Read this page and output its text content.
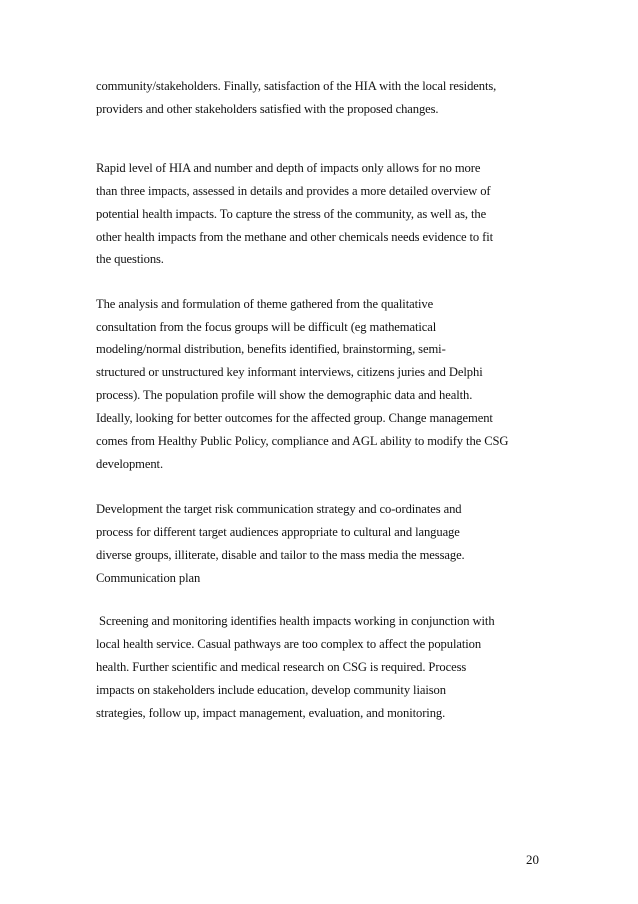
community/stakeholders. Finally, satisfaction of the HIA with the local residents,
providers and other stakeholders satisfied with the proposed changes.
Rapid level of HIA and number and depth of impacts only allows for no more
than three impacts, assessed in details and provides a more detailed overview of
potential health impacts. To capture the stress of the community, as well as, the
other health impacts from the methane and other chemicals needs evidence to fit
the questions.
The analysis and formulation of theme gathered from the qualitative
consultation from the focus groups will be difficult (eg mathematical
modeling/normal distribution, benefits identified, brainstorming, semi-
structured or unstructured key informant interviews, citizens juries and Delphi
process). The population profile will show the demographic data and health.
Ideally, looking for better outcomes for the affected group. Change management
comes from Healthy Public Policy, compliance and AGL ability to modify the CSG
development.
Development the target risk communication strategy and co-ordinates and
process for different target audiences appropriate to cultural and language
diverse groups, illiterate, disable and tailor to the mass media the message.
Communication plan
Screening and monitoring identifies health impacts working in conjunction with
local health service. Casual pathways are too complex to affect the population
health. Further scientific and medical research on CSG is required. Process
impacts on stakeholders include education, develop community liaison
strategies, follow up, impact management, evaluation, and monitoring.
20
